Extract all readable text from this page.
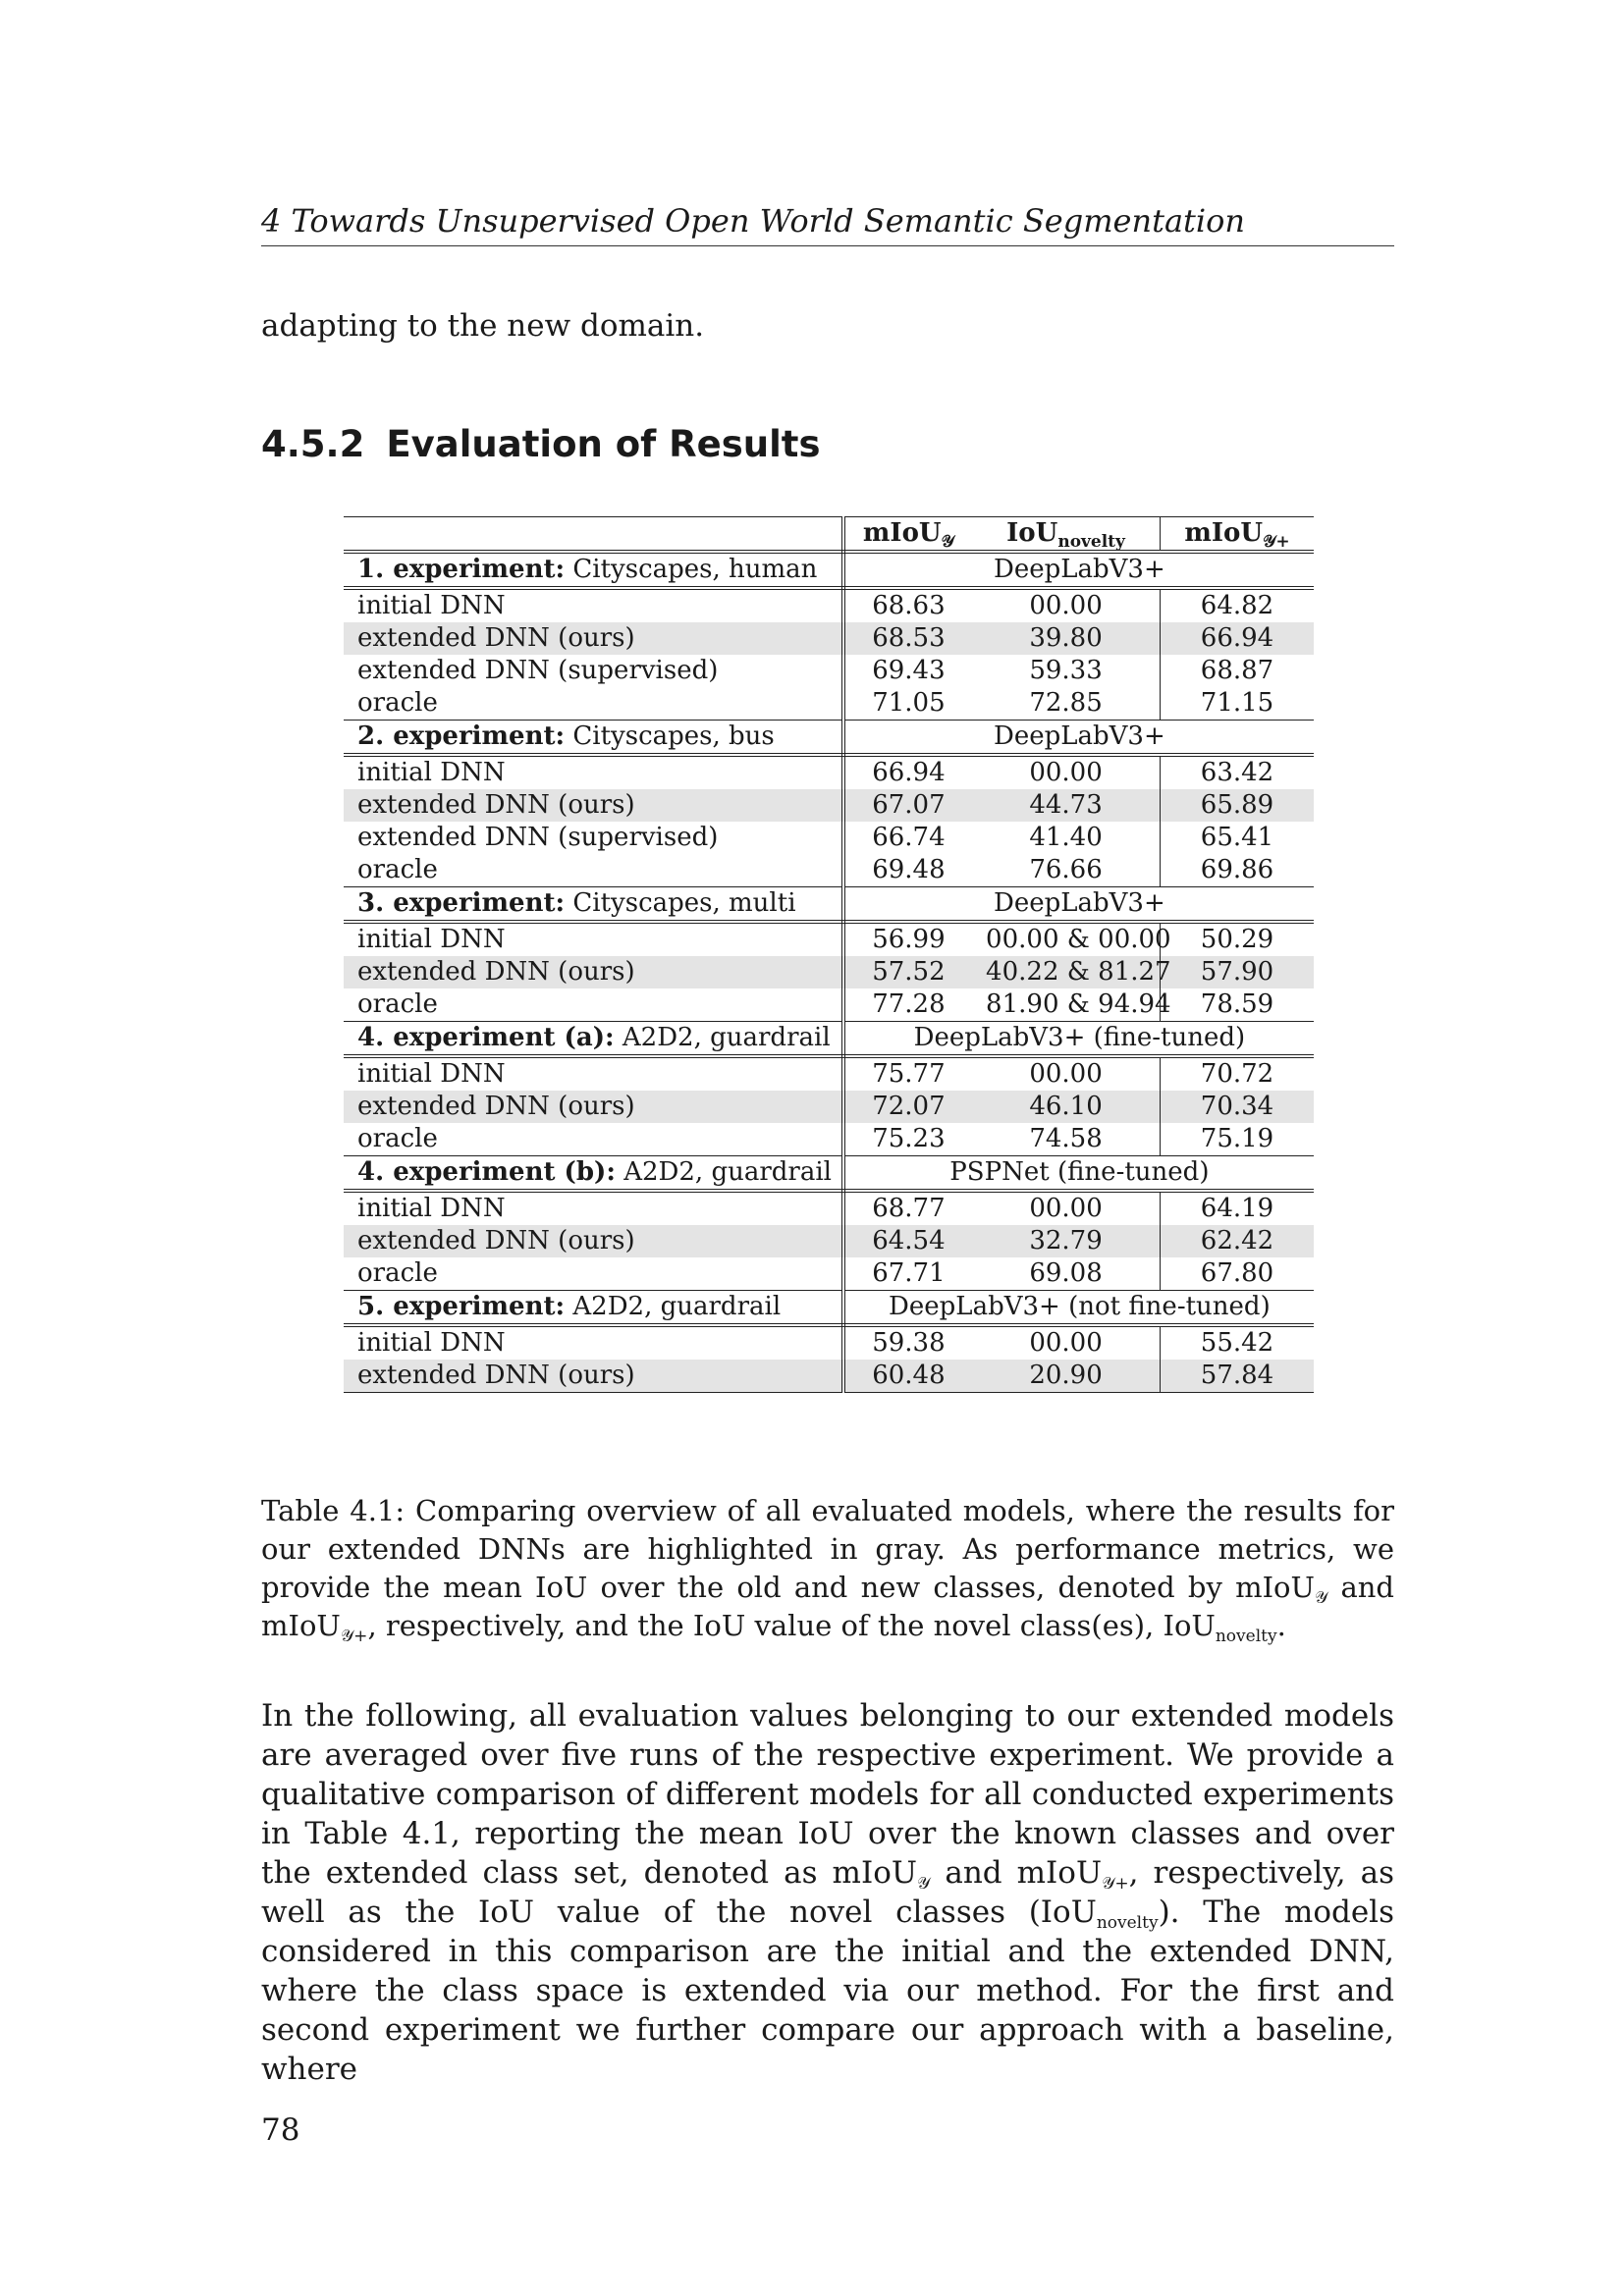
4 Towards Unsupervised Open World Semantic Segmentation
adapting to the new domain.
4.5.2 Evaluation of Results
	mIoU$_𝒴$	IoU$_{novelty}$	mIoU$_{𝒴+}$
1. experiment: Cityscapes, human	DeepLabV3+		
initial DNN	68.63	00.00	64.82
extended DNN (ours)	68.53	39.80	66.94
extended DNN (supervised)	69.43	59.33	68.87
oracle	71.05	72.85	71.15
2. experiment: Cityscapes, bus	DeepLabV3+		
initial DNN	66.94	00.00	63.42
extended DNN (ours)	67.07	44.73	65.89
extended DNN (supervised)	66.74	41.40	65.41
oracle	69.48	76.66	69.86
3. experiment: Cityscapes, multi	DeepLabV3+		
initial DNN	56.99	00.00 & 00.00	50.29
extended DNN (ours)	57.52	40.22 & 81.27	57.90
oracle	77.28	81.90 & 94.94	78.59
4. experiment (a): A2D2, guardrail	DeepLabV3+ (fine-tuned)		
initial DNN	75.77	00.00	70.72
extended DNN (ours)	72.07	46.10	70.34
oracle	75.23	74.58	75.19
4. experiment (b): A2D2, guardrail	PSPNet (fine-tuned)		
initial DNN	68.77	00.00	64.19
extended DNN (ours)	64.54	32.79	62.42
oracle	67.71	69.08	67.80
5. experiment: A2D2, guardrail	DeepLabV3+ (not fine-tuned)		
initial DNN	59.38	00.00	55.42
extended DNN (ours)	60.48	20.90	57.84
Table 4.1: Comparing overview of all evaluated models, where the results for our extended DNNs are highlighted in gray. As performance metrics, we provide the mean IoU over the old and new classes, denoted by mIoU$_𝒴$ and mIoU$_{𝒴+}$, respectively, and the IoU value of the novel class(es), IoU$_{novelty}$.
In the following, all evaluation values belonging to our extended models are averaged over five runs of the respective experiment. We provide a qualitative comparison of different models for all conducted experiments in Table 4.1, reporting the mean IoU over the known classes and over the extended class set, denoted as mIoU$_𝒴$ and mIoU$_{𝒴+}$, respectively, as well as the IoU value of the novel classes (IoU$_{novelty}$). The models considered in this comparison are the initial and the extended DNN, where the class space is extended via our method. For the first and second experiment we further compare our approach with a baseline, where
78
